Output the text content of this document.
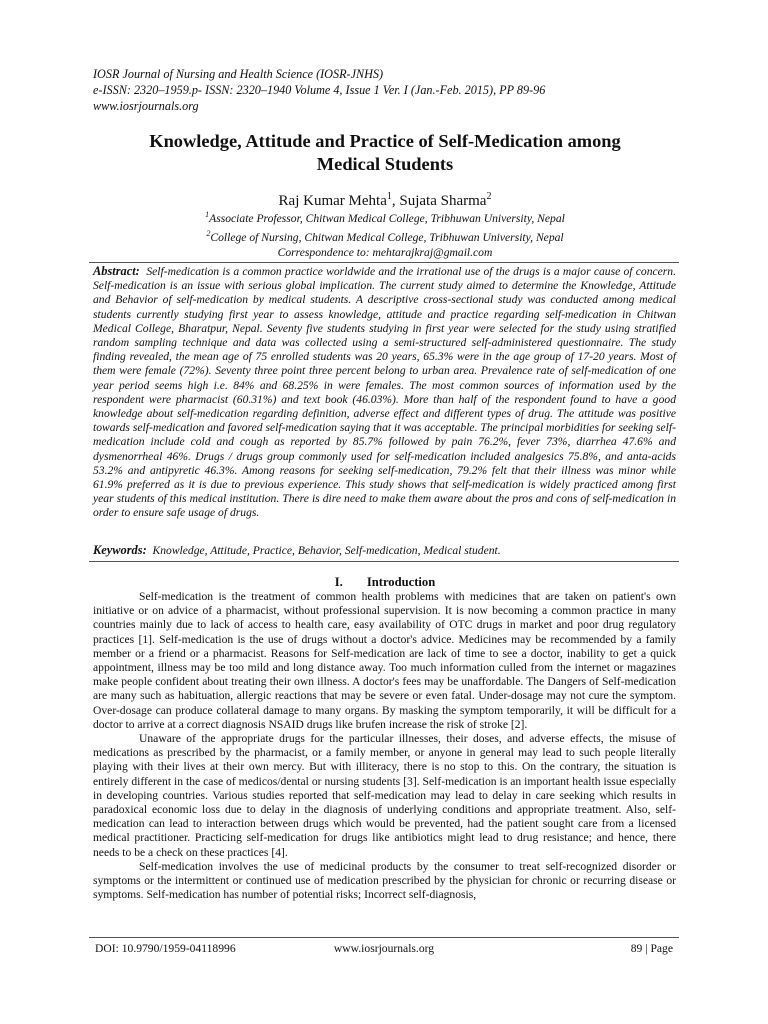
IOSR Journal of Nursing and Health Science (IOSR-JNHS)
e-ISSN: 2320–1959.p- ISSN: 2320–1940 Volume 4, Issue 1 Ver. I (Jan.-Feb. 2015), PP 89-96
www.iosrjournals.org
Knowledge, Attitude and Practice of Self-Medication among
Medical Students
Raj Kumar Mehta$^1$, Sujata Sharma$^2$
$^1$Associate Professor, Chitwan Medical College, Tribhuwan University, Nepal
$^2$College of Nursing, Chitwan Medical College, Tribhuwan University, Nepal
Correspondence to: mehtarajkraj@gmail.com
Abstract: Self-medication is a common practice worldwide and the irrational use of the drugs is a major cause of concern. Self-medication is an issue with serious global implication. The current study aimed to determine the Knowledge, Attitude and Behavior of self-medication by medical students. A descriptive cross-sectional study was conducted among medical students currently studying first year to assess knowledge, attitude and practice regarding self-medication in Chitwan Medical College, Bharatpur, Nepal. Seventy five students studying in first year were selected for the study using stratified random sampling technique and data was collected using a semi-structured self-administered questionnaire. The study finding revealed, the mean age of 75 enrolled students was 20 years, 65.3% were in the age group of 17-20 years. Most of them were female (72%). Seventy three point three percent belong to urban area. Prevalence rate of self-medication of one year period seems high i.e. 84% and 68.25% in were females. The most common sources of information used by the respondent were pharmacist (60.31%) and text book (46.03%). More than half of the respondent found to have a good knowledge about self-medication regarding definition, adverse effect and different types of drug. The attitude was positive towards self-medication and favored self-medication saying that it was acceptable. The principal morbidities for seeking self-medication include cold and cough as reported by 85.7% followed by pain 76.2%, fever 73%, diarrhea 47.6% and dysmenorrheal 46%. Drugs / drugs group commonly used for self-medication included analgesics 75.8%, and anta-acids 53.2% and antipyretic 46.3%. Among reasons for seeking self-medication, 79.2% felt that their illness was minor while 61.9% preferred as it is due to previous experience. This study shows that self-medication is widely practiced among first year students of this medical institution. There is dire need to make them aware about the pros and cons of self-medication in order to ensure safe usage of drugs.
Keywords: Knowledge, Attitude, Practice, Behavior, Self-medication, Medical student.
I. Introduction

Self-medication is the treatment of common health problems with medicines that are taken on patient's own initiative or on advice of a pharmacist, without professional supervision. It is now becoming a common practice in many countries mainly due to lack of access to health care, easy availability of OTC drugs in market and poor drug regulatory practices [1]. Self-medication is the use of drugs without a doctor's advice. Medicines may be recommended by a family member or a friend or a pharmacist. Reasons for Self-medication are lack of time to see a doctor, inability to get a quick appointment, illness may be too mild and long distance away. Too much information culled from the internet or magazines make people confident about treating their own illness. A doctor's fees may be unaffordable. The Dangers of Self-medication are many such as habituation, allergic reactions that may be severe or even fatal. Under-dosage may not cure the symptom. Over-dosage can produce collateral damage to many organs. By masking the symptom temporarily, it will be difficult for a doctor to arrive at a correct diagnosis NSAID drugs like brufen increase the risk of stroke [2].

Unaware of the appropriate drugs for the particular illnesses, their doses, and adverse effects, the misuse of medications as prescribed by the pharmacist, or a family member, or anyone in general may lead to such people literally playing with their lives at their own mercy. But with illiteracy, there is no stop to this. On the contrary, the situation is entirely different in the case of medicos/dental or nursing students [3]. Self-medication is an important health issue especially in developing countries. Various studies reported that self-medication may lead to delay in care seeking which results in paradoxical economic loss due to delay in the diagnosis of underlying conditions and appropriate treatment. Also, self-medication can lead to interaction between drugs which would be prevented, had the patient sought care from a licensed medical practitioner. Practicing self-medication for drugs like antibiotics might lead to drug resistance; and hence, there needs to be a check on these practices [4].

Self-medication involves the use of medicinal products by the consumer to treat self-recognized disorder or symptoms or the intermittent or continued use of medication prescribed by the physician for chronic or recurring disease or symptoms. Self-medication has number of potential risks; Incorrect self-diagnosis,

DOI: 10.9790/1959-04118996	www.iosrjournals.org	89 | Page
